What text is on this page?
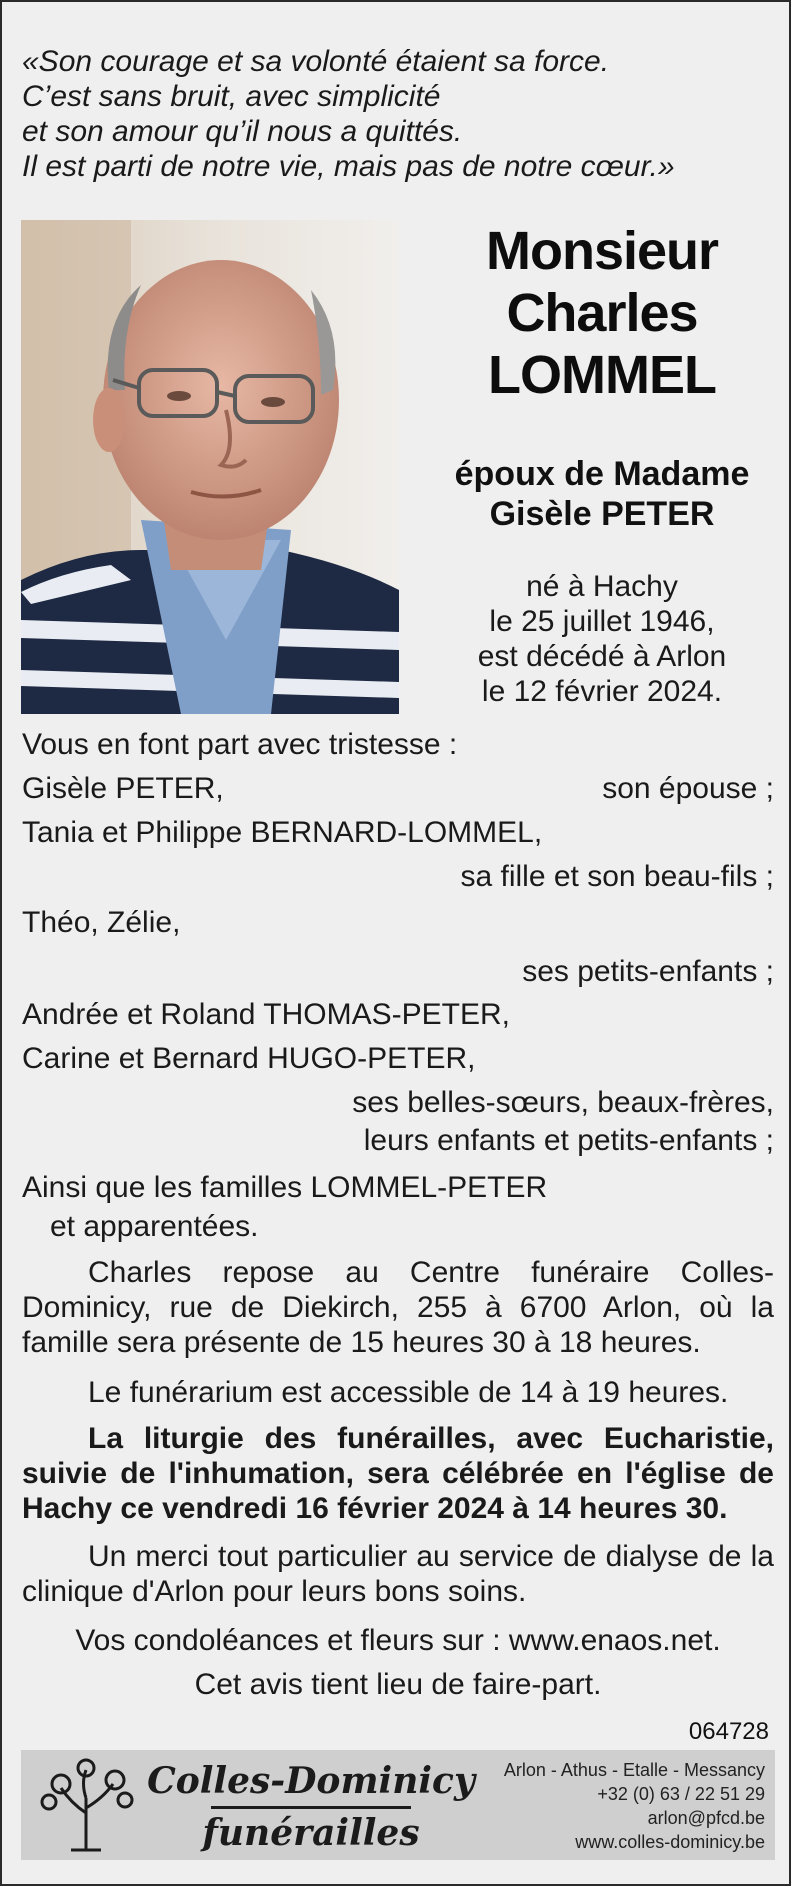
«Son courage et sa volonté étaient sa force.
C’est sans bruit, avec simplicité
et son amour qu’il nous a quittés.
Il est parti de notre vie, mais pas de notre cœur.»
Monsieur
Charles
LOMMEL
époux de Madame
Gisèle PETER
né à Hachy
le 25 juillet 1946,
est décédé à Arlon
le 12 février 2024.
Vous en font part avec tristesse :
Gisèle PETER,	son épouse ;
Tania et Philippe BERNARD-LOMMEL,
sa fille et son beau-fils ;
Théo, Zélie,
ses petits-enfants ;
Andrée et Roland THOMAS-PETER,
Carine et Bernard HUGO-PETER,
ses belles-sœurs, beaux-frères,
leurs enfants et petits-enfants ;
Ainsi que les familles LOMMEL-PETER
et apparentées.
Charles repose au Centre funéraire Colles-Dominicy, rue de Diekirch, 255 à 6700 Arlon, où la famille sera présente de 15 heures 30 à 18 heures.
Le funérarium est accessible de 14 à 19 heures.
La liturgie des funérailles, avec Eucharistie, suivie de l'inhumation, sera célébrée en l'église de Hachy ce vendredi 16 février 2024 à 14 heures 30.
Un merci tout particulier au service de dialyse de la clinique d'Arlon pour leurs bons soins.
Vos condoléances et fleurs sur : www.enaos.net.
Cet avis tient lieu de faire-part.
064728
Colles-Dominicy
funérailles
Arlon - Athus - Etalle - Messancy
+32 (0) 63 / 22 51 29
arlon@pfcd.be
www.colles-dominicy.be
